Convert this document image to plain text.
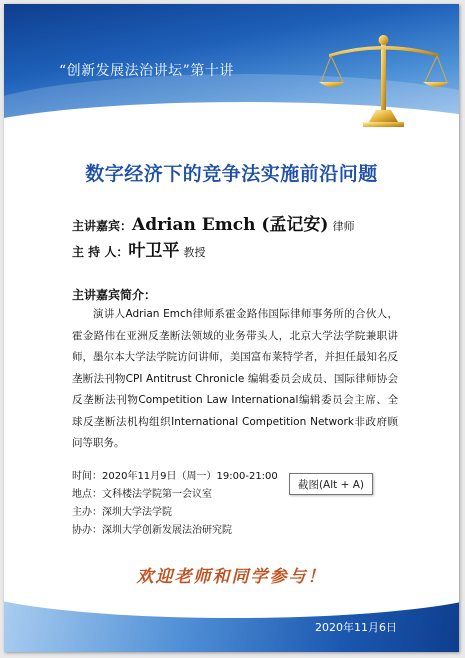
“创新发展法治讲坛”第十讲
数字经济下的竞争法实施前沿问题
主讲嘉宾：Adrian Emch (孟记安) 律师
主 持 人：叶卫平 教授
主讲嘉宾简介：

演讲人Adrian Emch律师系霍金路伟国际律师事务所的合伙人，霍金路伟在亚洲反垄断法领域的业务带头人，北京大学法学院兼职讲师，墨尔本大学法学院访问讲师，美国富布莱特学者，并担任最知名反垄断法刊物CPI Antitrust Chronicle 编辑委员会成员、国际律师协会反垄断法刊物Competition Law International编辑委员会主席、全球反垄断法机构组织International Competition Network非政府顾问等职务。

时间：2020年11月9日（周一）19:00-21:00
地点：文科楼法学院第一会议室
主办：深圳大学法学院
协办：深圳大学创新发展法治研究院
欢迎老师和同学参与！
2020年11月6日
截图(Alt + A)
